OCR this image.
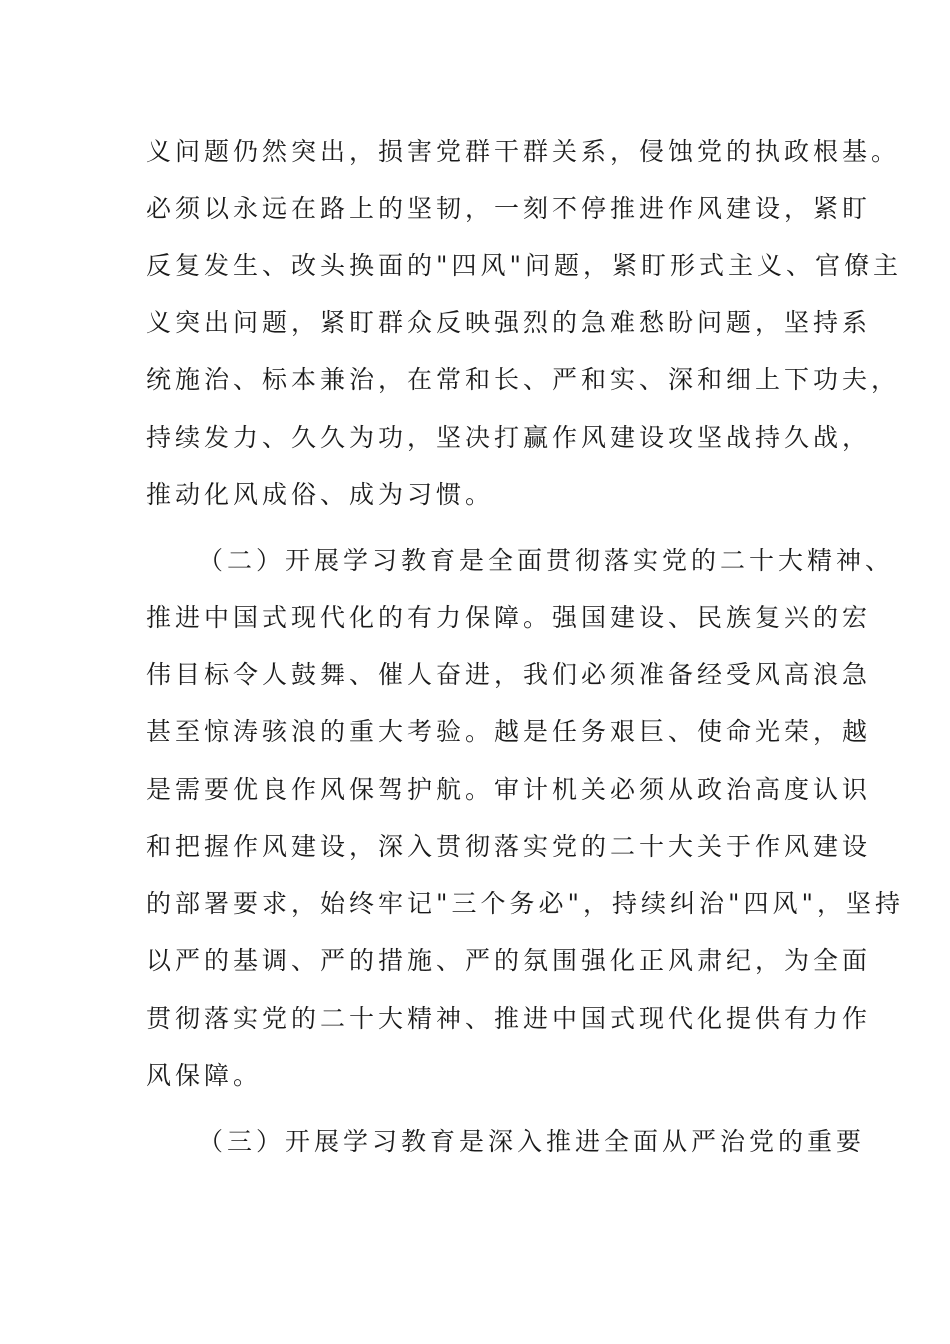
义问题仍然突出，损害党群干群关系，侵蚀党的执政根基。
必须以永远在路上的坚韧，一刻不停推进作风建设，紧盯
反复发生、改头换面的"四风"问题，紧盯形式主义、官僚主
义突出问题，紧盯群众反映强烈的急难愁盼问题，坚持系
统施治、标本兼治，在常和长、严和实、深和细上下功夫，
持续发力、久久为功，坚决打赢作风建设攻坚战持久战，
推动化风成俗、成为习惯。
（二）开展学习教育是全面贯彻落实党的二十大精神、
推进中国式现代化的有力保障。强国建设、民族复兴的宏
伟目标令人鼓舞、催人奋进，我们必须准备经受风高浪急
甚至惊涛骇浪的重大考验。越是任务艰巨、使命光荣，越
是需要优良作风保驾护航。审计机关必须从政治高度认识
和把握作风建设，深入贯彻落实党的二十大关于作风建设
的部署要求，始终牢记"三个务必"，持续纠治"四风"，坚持
以严的基调、严的措施、严的氛围强化正风肃纪，为全面
贯彻落实党的二十大精神、推进中国式现代化提供有力作
风保障。
（三）开展学习教育是深入推进全面从严治党的重要
